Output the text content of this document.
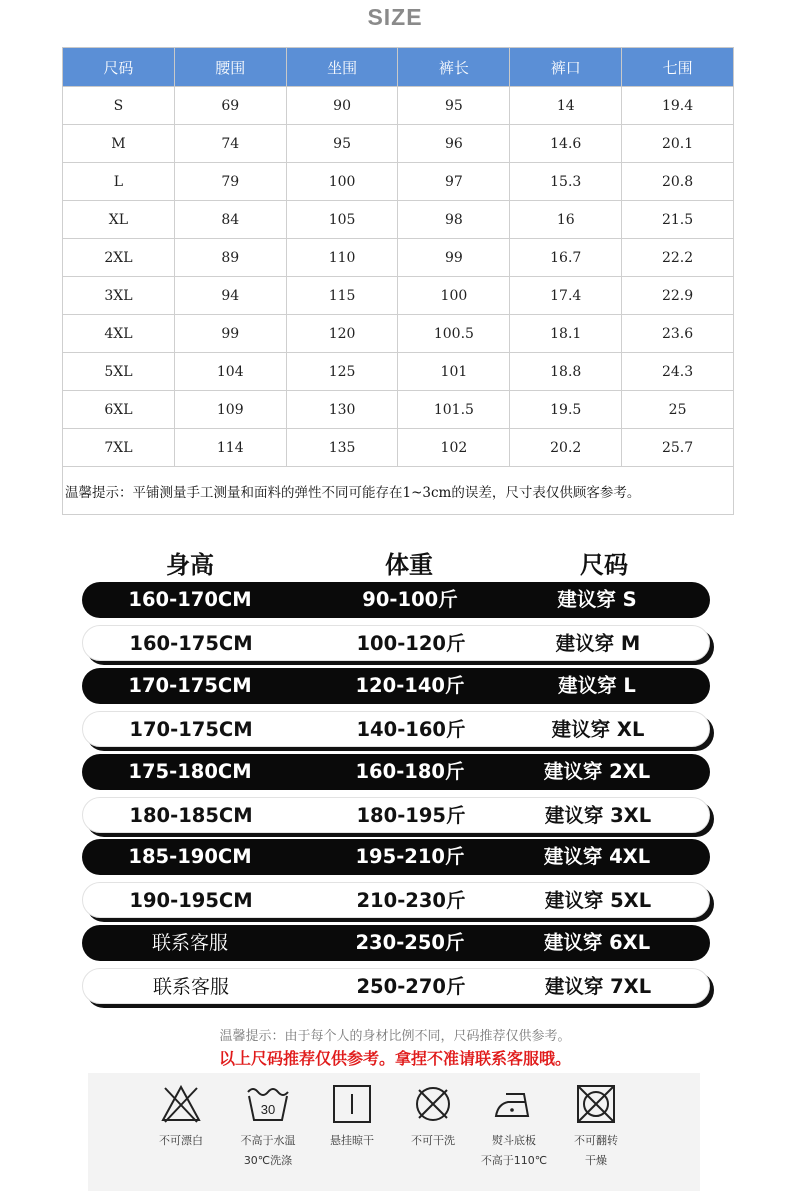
SIZE
尺码	腰围	坐围	裤长	裤口	七围
S	69	90	95	14	19.4
M	74	95	96	14.6	20.1
L	79	100	97	15.3	20.8
XL	84	105	98	16	21.5
2XL	89	110	99	16.7	22.2
3XL	94	115	100	17.4	22.9
4XL	99	120	100.5	18.1	23.6
5XL	104	125	101	18.8	24.3
6XL	109	130	101.5	19.5	25
7XL	114	135	102	20.2	25.7
温馨提示：平铺测量手工测量和面料的弹性不同可能存在1~3cm的误差，尺寸表仅供顾客参考。					
身高	体重	尺码
160-170CM	90-100斤	建议穿 S
160-175CM	100-120斤	建议穿 M
170-175CM	120-140斤	建议穿 L
170-175CM	140-160斤	建议穿 XL
175-180CM	160-180斤	建议穿 2XL
180-185CM	180-195斤	建议穿 3XL
185-190CM	195-210斤	建议穿 4XL
190-195CM	210-230斤	建议穿 5XL
联系客服	230-250斤	建议穿 6XL
联系客服	250-270斤	建议穿 7XL
温馨提示：由于每个人的身材比例不同，尺码推荐仅供参考。
以上尺码推荐仅供参考。拿捏不准请联系客服哦。
不可漂白
30
不高于水温
30℃洗涤
悬挂晾干	不可干洗	熨斗底板
不高于110℃
不可翻转
干燥
